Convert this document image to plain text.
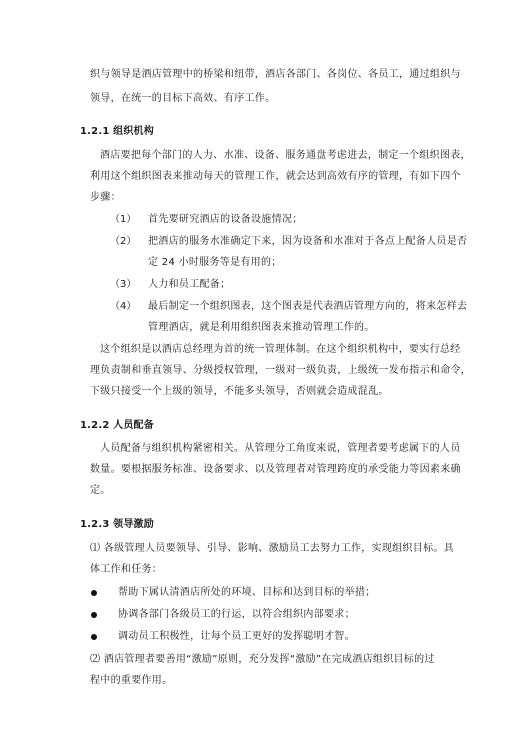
织与领导是酒店管理中的桥梁和纽带，酒店各部门、各岗位、各员工，通过组织与
领导，在统一的目标下高效、有序工作。
1.2.1 组织机构
酒店要把每个部门的人力、水准、设备、服务通盘考虑进去，制定一个组织图表，
利用这个组织图表来推动每天的管理工作，就会达到高效有序的管理，有如下四个
步骤：
（1） 首先要研究酒店的设备设施情况；
（2） 把酒店的服务水准确定下来，因为设备和水准对于各点上配备人员是否
定 24 小时服务等是有用的；
（3） 人力和员工配备；
（4） 最后制定一个组织图表，这个图表是代表酒店管理方向的，将来怎样去
管理酒店，就是利用组织图表来推动管理工作的。
这个组织是以酒店总经理为首的统一管理体制。在这个组织机构中，要实行总经
理负责制和垂直领导、分级授权管理，一级对一级负责，上级统一发布指示和命令，
下级只接受一个上级的领导，不能多头领导，否则就会造成混乱。
1.2.2 人员配备
人员配备与组织机构紧密相关。从管理分工角度来说，管理者要考虑属下的人员
数量。要根据服务标准、设备要求、以及管理者对管理跨度的承受能力等因素来确
定。
1.2.3 领导激励
⑴ 各级管理人员要领导、引导、影响、激励员工去努力工作，实现组织目标。具
体工作和任务：
帮助下属认清酒店所处的环境、目标和达到目标的举措；
协调各部门各级员工的行运，以符合组织内部要求；
调动员工积极性，让每个员工更好的发挥聪明才智。
⑵ 酒店管理者要善用“激励”原则，充分发挥“激励”在完成酒店组织目标的过
程中的重要作用。
